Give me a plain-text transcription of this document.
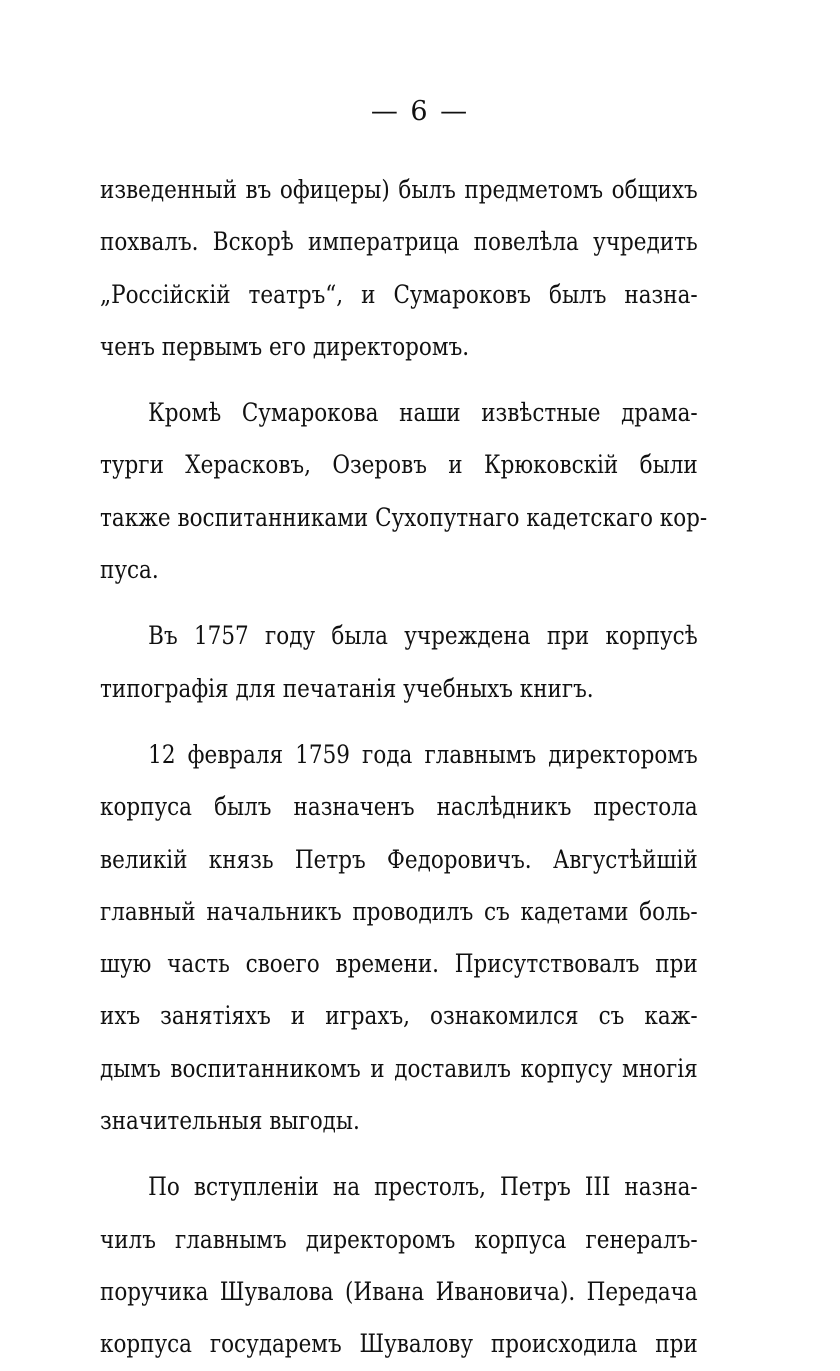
— 6 —
изведенный въ офицеры) былъ предметомъ общихъ
похвалъ. Вскорѣ императрица повелѣла учредить
„Россійскій театръ“, и Сумароковъ былъ назна-
ченъ первымъ его директоромъ.
Кромѣ Сумарокова наши извѣстные драма-
турги Херасковъ, Озеровъ и Крюковскій были
также воспитанниками Сухопутнаго кадетскаго кор-
пуса.
Въ 1757 году была учреждена при корпусѣ
типографія для печатанія учебныхъ книгъ.
12 февраля 1759 года главнымъ директоромъ
корпуса былъ назначенъ наслѣдникъ престола
великій князь Петръ Федоровичъ. Августѣйшій
главный начальникъ проводилъ съ кадетами боль-
шую часть своего времени. Присутствовалъ при
ихъ занятіяхъ и играхъ, ознакомился съ каж-
дымъ воспитанникомъ и доставилъ корпусу многія
значительныя выгоды.
По вступленіи на престолъ, Петръ III назна-
чилъ главнымъ директоромъ корпуса генералъ-
поручика Шувалова (Ивана Ивановича). Передача
корпуса государемъ Шувалову происходила при
